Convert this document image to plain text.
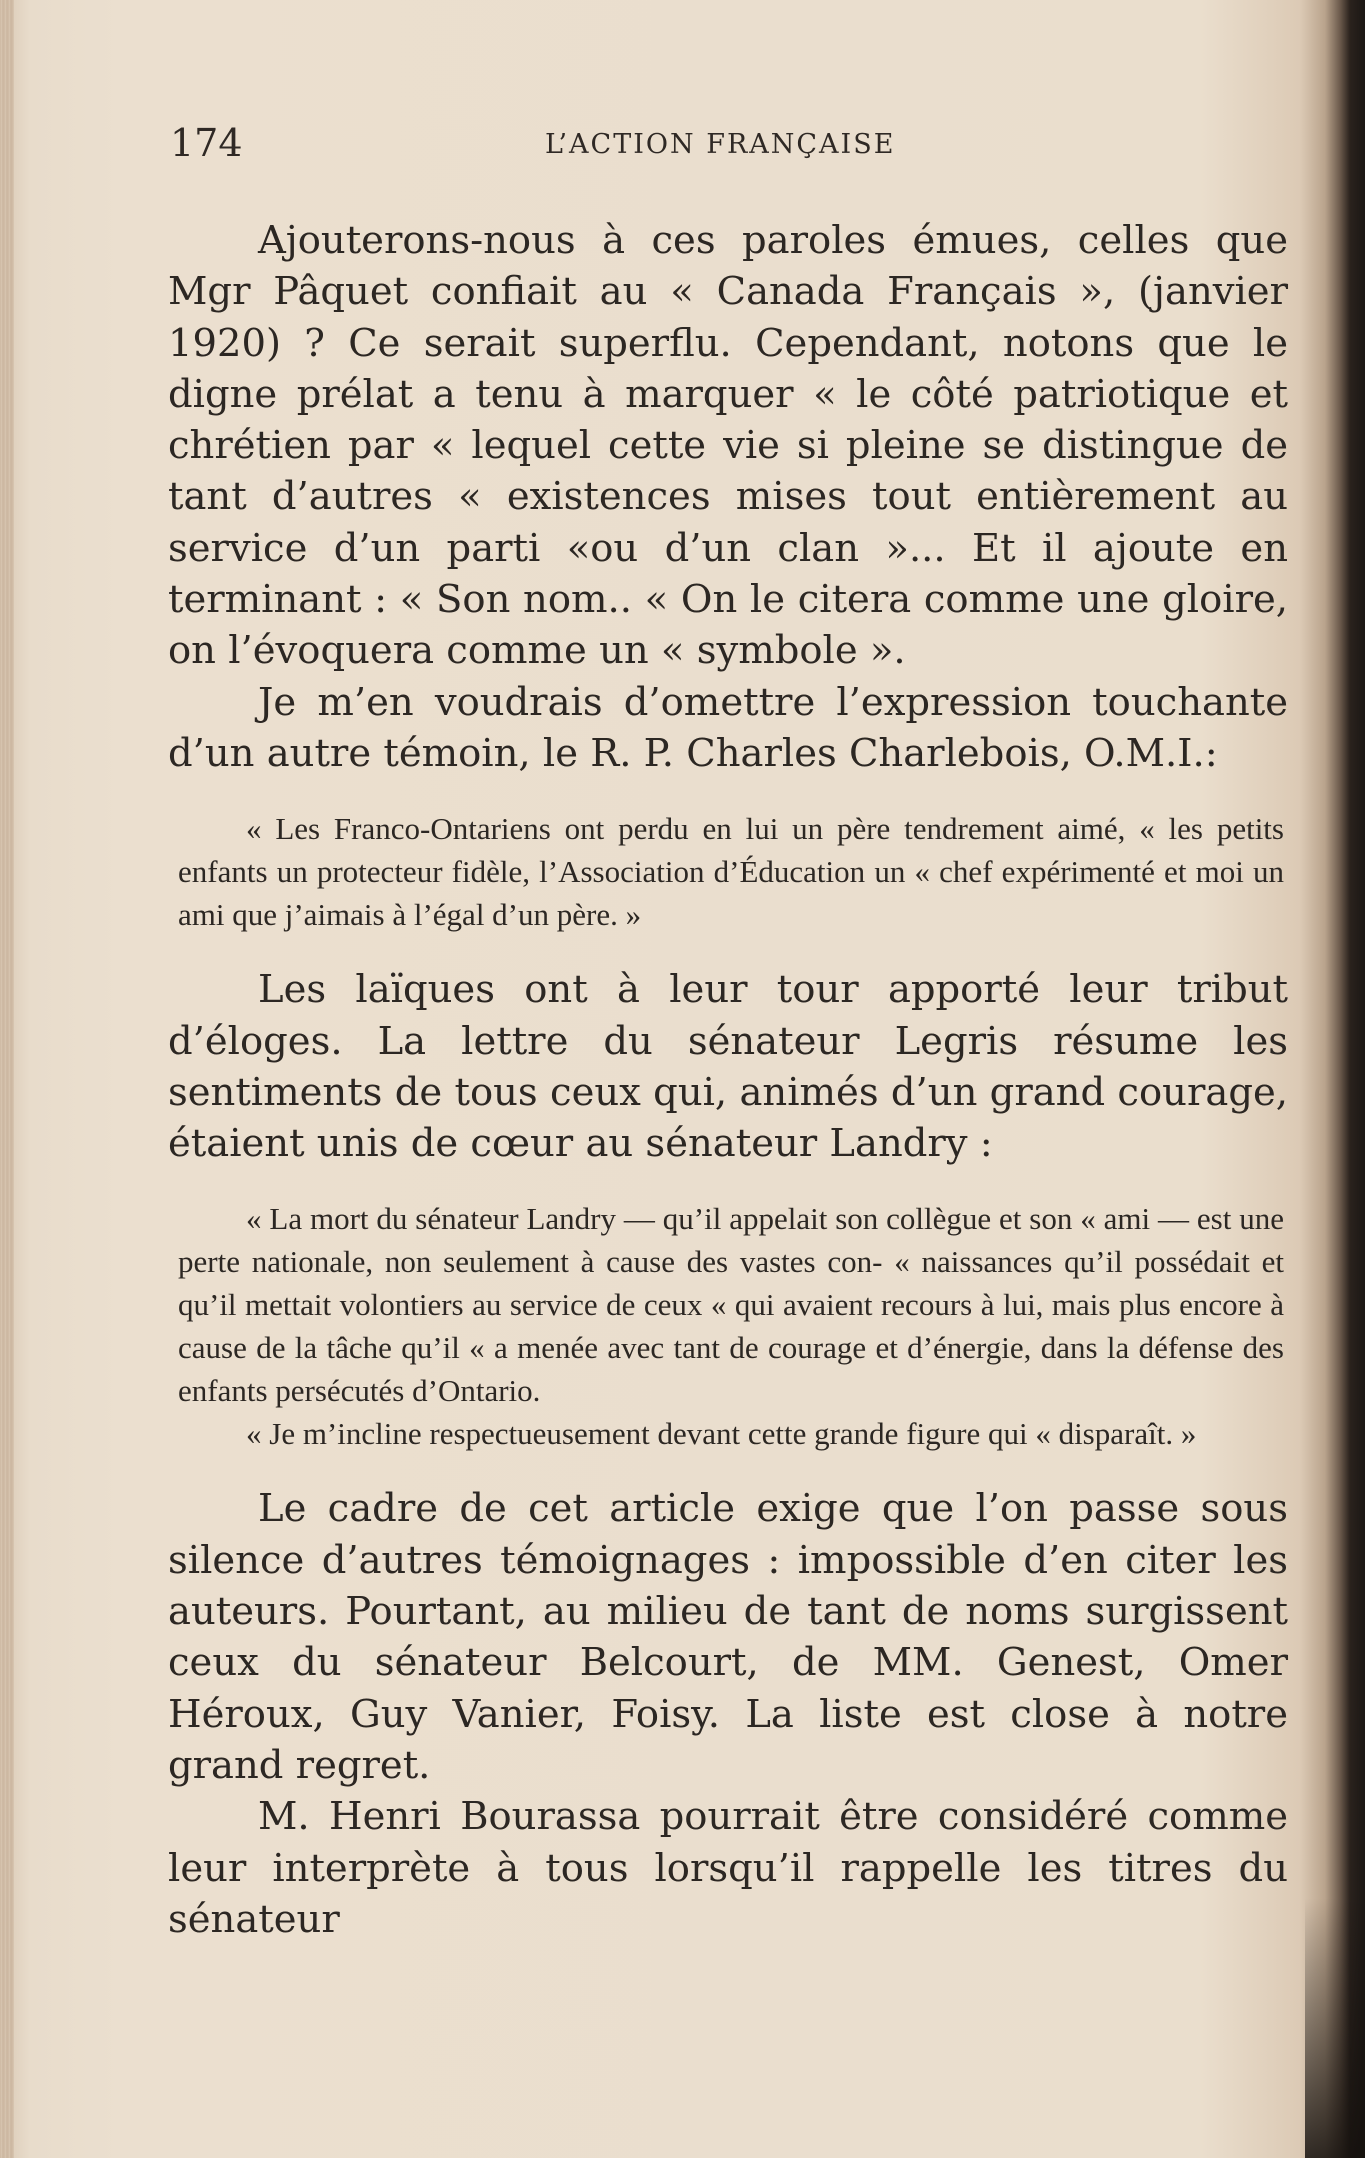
174	L’ACTION FRANÇAISE

Ajouterons-nous à ces paroles émues, celles que Mgr Pâquet confiait au « Canada Français », (janvier 1920) ? Ce serait superflu. Cependant, notons que le digne prélat a tenu à marquer « le côté patriotique et chrétien par « lequel cette vie si pleine se distingue de tant d’autres « existences mises tout entièrement au service d’un parti «ou d’un clan »... Et il ajoute en terminant : « Son nom.. « On le citera comme une gloire, on l’évoquera comme un « symbole ».

Je m’en voudrais d’omettre l’expression touchante d’un autre témoin, le R. P. Charles Charlebois, O.M.I.:

« Les Franco-Ontariens ont perdu en lui un père tendrement aimé, « les petits enfants un protecteur fidèle, l’Association d’Éducation un « chef expérimenté et moi un ami que j’aimais à l’égal d’un père. »

Les laïques ont à leur tour apporté leur tribut d’éloges. La lettre du sénateur Legris résume les sentiments de tous ceux qui, animés d’un grand courage, étaient unis de cœur au sénateur Landry :

« La mort du sénateur Landry — qu’il appelait son collègue et son « ami — est une perte nationale, non seulement à cause des vastes con- « naissances qu’il possédait et qu’il mettait volontiers au service de ceux « qui avaient recours à lui, mais plus encore à cause de la tâche qu’il « a menée avec tant de courage et d’énergie, dans la défense des enfants persécutés d’Ontario.

« Je m’incline respectueusement devant cette grande figure qui « disparaît. »

Le cadre de cet article exige que l’on passe sous silence d’autres témoignages : impossible d’en citer les auteurs. Pourtant, au milieu de tant de noms surgissent ceux du sénateur Belcourt, de MM. Genest, Omer Héroux, Guy Vanier, Foisy. La liste est close à notre grand regret.

M. Henri Bourassa pourrait être considéré comme leur interprète à tous lorsqu’il rappelle les titres du sénateur
